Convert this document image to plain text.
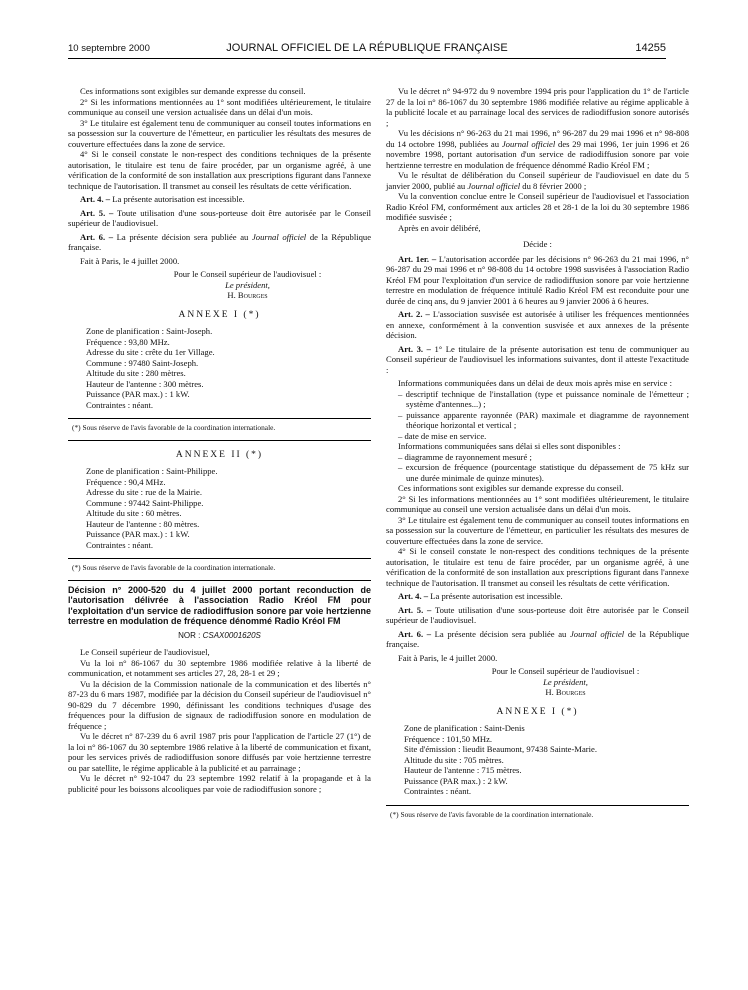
10 septembre 2000	JOURNAL OFFICIEL DE LA RÉPUBLIQUE FRANÇAISE	14255

Ces informations sont exigibles sur demande expresse du conseil.

2° Si les informations mentionnées au 1° sont modifiées ultérieurement, le titulaire communique au conseil une version actualisée dans un délai d'un mois.

3° Le titulaire est également tenu de communiquer au conseil toutes informations en sa possession sur la couverture de l'émetteur, en particulier les résultats des mesures de couverture effectuées dans la zone de service.

4° Si le conseil constate le non-respect des conditions techniques de la présente autorisation, le titulaire est tenu de faire procéder, par un organisme agréé, à une vérification de la conformité de son installation aux prescriptions figurant dans l'annexe technique de l'autorisation. Il transmet au conseil les résultats de cette vérification.

Art. 4. – La présente autorisation est incessible.

Art. 5. – Toute utilisation d'une sous-porteuse doit être autorisée par le Conseil supérieur de l'audiovisuel.

Art. 6. – La présente décision sera publiée au Journal officiel de la République française.

Fait à Paris, le 4 juillet 2000.

Pour le Conseil supérieur de l'audiovisuel :

Le président,

H. Bourges

ANNEXE I (*)

Zone de planification : Saint-Joseph.

Fréquence : 93,80 MHz.

Adresse du site : crête du 1er Village.

Commune : 97480 Saint-Joseph.

Altitude du site : 280 mètres.

Hauteur de l'antenne : 300 mètres.

Puissance (PAR max.) : 1 kW.

Contraintes : néant.

(*) Sous réserve de l'avis favorable de la coordination internationale.

ANNEXE II (*)

Zone de planification : Saint-Philippe.

Fréquence : 90,4 MHz.

Adresse du site : rue de la Mairie.

Commune : 97442 Saint-Philippe.

Altitude du site : 60 mètres.

Hauteur de l'antenne : 80 mètres.

Puissance (PAR max.) : 1 kW.

Contraintes : néant.

(*) Sous réserve de l'avis favorable de la coordination internationale.

Décision n° 2000-520 du 4 juillet 2000 portant reconduction de l'autorisation délivrée à l'association Radio Kréol FM pour l'exploitation d'un service de radiodiffusion sonore par voie hertzienne terrestre en modulation de fréquence dénommé Radio Kréol FM
NOR : CSAX0001620S

Le Conseil supérieur de l'audiovisuel,

Vu la loi n° 86-1067 du 30 septembre 1986 modifiée relative à la liberté de communication, et notamment ses articles 27, 28, 28-1 et 29 ;

Vu la décision de la Commission nationale de la communication et des libertés n° 87-23 du 6 mars 1987, modifiée par la décision du Conseil supérieur de l'audiovisuel n° 90-829 du 7 décembre 1990, définissant les conditions techniques d'usage des fréquences pour la diffusion de signaux de radiodiffusion sonore en modulation de fréquence ;

Vu le décret n° 87-239 du 6 avril 1987 pris pour l'application de l'article 27 (1°) de la loi n° 86-1067 du 30 septembre 1986 relative à la liberté de communication et fixant, pour les services privés de radiodiffusion sonore diffusés par voie hertzienne terrestre ou par satellite, le régime applicable à la publicité et au parrainage ;

Vu le décret n° 92-1047 du 23 septembre 1992 relatif à la propagande et à la publicité pour les boissons alcooliques par voie de radiodiffusion sonore ;

Vu le décret n° 94-972 du 9 novembre 1994 pris pour l'application du 1° de l'article 27 de la loi n° 86-1067 du 30 septembre 1986 modifiée relative au régime applicable à la publicité locale et au parrainage local des services de radiodiffusion sonore autorisés ;

Vu les décisions n° 96-263 du 21 mai 1996, n° 96-287 du 29 mai 1996 et n° 98-808 du 14 octobre 1998, publiées au Journal officiel des 29 mai 1996, 1er juin 1996 et 26 novembre 1998, portant autorisation d'un service de radiodiffusion sonore par voie hertzienne terrestre en modulation de fréquence dénommé Radio Kréol FM ;

Vu le résultat de délibération du Conseil supérieur de l'audiovisuel en date du 5 janvier 2000, publié au Journal officiel du 8 février 2000 ;

Vu la convention conclue entre le Conseil supérieur de l'audiovisuel et l'association Radio Kréol FM, conformément aux articles 28 et 28-1 de la loi du 30 septembre 1986 modifiée susvisée ;

Après en avoir délibéré,

Décide :

Art. 1er. – L'autorisation accordée par les décisions n° 96-263 du 21 mai 1996, n° 96-287 du 29 mai 1996 et n° 98-808 du 14 octobre 1998 susvisées à l'association Radio Kréol FM pour l'exploitation d'un service de radiodiffusion sonore par voie hertzienne terrestre en modulation de fréquence intitulé Radio Kréol FM est reconduite pour une durée de cinq ans, du 9 janvier 2001 à 6 heures au 9 janvier 2006 à 6 heures.

Art. 2. – L'association susvisée est autorisée à utiliser les fréquences mentionnées en annexe, conformément à la convention susvisée et aux annexes de la présente décision.

Art. 3. – 1° Le titulaire de la présente autorisation est tenu de communiquer au Conseil supérieur de l'audiovisuel les informations suivantes, dont il atteste l'exactitude :

Informations communiquées dans un délai de deux mois après mise en service :

– descriptif technique de l'installation (type et puissance nominale de l'émetteur ; système d'antennes...) ;

– puissance apparente rayonnée (PAR) maximale et diagramme de rayonnement théorique horizontal et vertical ;

– date de mise en service.

Informations communiquées sans délai si elles sont disponibles :

– diagramme de rayonnement mesuré ;

– excursion de fréquence (pourcentage statistique du dépassement de 75 kHz sur une durée minimale de quinze minutes).

Ces informations sont exigibles sur demande expresse du conseil.

2° Si les informations mentionnées au 1° sont modifiées ultérieurement, le titulaire communique au conseil une version actualisée dans un délai d'un mois.

3° Le titulaire est également tenu de communiquer au conseil toutes informations en sa possession sur la couverture de l'émetteur, en particulier les résultats des mesures de couverture effectuées dans la zone de service.

4° Si le conseil constate le non-respect des conditions techniques de la présente autorisation, le titulaire est tenu de faire procéder, par un organisme agréé, à une vérification de la conformité de son installation aux prescriptions figurant dans l'annexe technique de l'autorisation. Il transmet au conseil les résultats de cette vérification.

Art. 4. – La présente autorisation est incessible.

Art. 5. – Toute utilisation d'une sous-porteuse doit être autorisée par le Conseil supérieur de l'audiovisuel.

Art. 6. – La présente décision sera publiée au Journal officiel de la République française.

Fait à Paris, le 4 juillet 2000.

Pour le Conseil supérieur de l'audiovisuel :

Le président,

H. Bourges

ANNEXE I (*)

Zone de planification : Saint-Denis

Fréquence : 101,50 MHz.

Site d'émission : lieudit Beaumont, 97438 Sainte-Marie.

Altitude du site : 705 mètres.

Hauteur de l'antenne : 715 mètres.

Puissance (PAR max.) : 2 kW.

Contraintes : néant.

(*) Sous réserve de l'avis favorable de la coordination internationale.
